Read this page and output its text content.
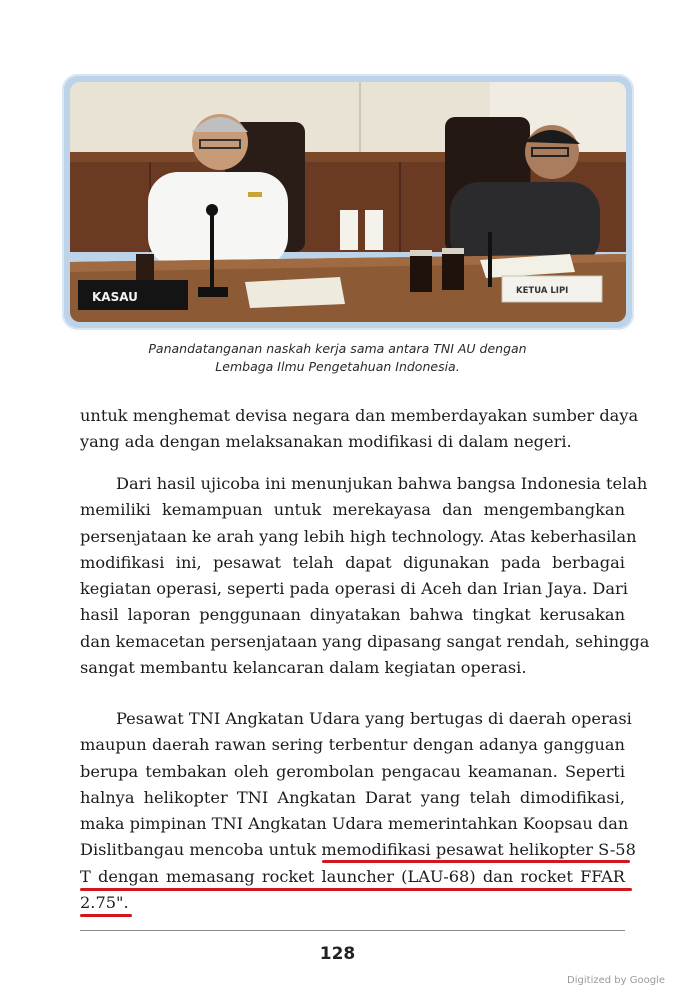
KASAU	KETUA LIPI
Panandatanganan naskah kerja sama antara TNI AU dengan
Lembaga Ilmu Pengetahuan Indonesia.
untuk menghemat devisa negara dan memberdayakan sumber daya
yang ada dengan melaksanakan modifikasi di dalam negeri.
Dari hasil ujicoba ini menunjukan bahwa bangsa Indonesia telah
memiliki kemampuan untuk merekayasa dan mengembangkan
persenjataan ke arah yang lebih high technology. Atas keberhasilan
modifikasi ini, pesawat telah dapat digunakan pada berbagai
kegiatan operasi, seperti pada operasi di Aceh dan Irian Jaya. Dari
hasil laporan penggunaan dinyatakan bahwa tingkat kerusakan
dan kemacetan persenjataan yang dipasang sangat rendah, sehingga
sangat membantu kelancaran dalam kegiatan operasi.
Pesawat TNI Angkatan Udara yang bertugas di daerah operasi
maupun daerah rawan sering terbentur dengan adanya gangguan
berupa tembakan oleh gerombolan pengacau keamanan. Seperti
halnya helikopter TNI Angkatan Darat yang telah dimodifikasi,
maka pimpinan TNI Angkatan Udara memerintahkan Koopsau dan
Dislitbangau mencoba untuk memodifikasi pesawat helikopter S-58
T dengan memasang rocket launcher (LAU-68) dan rocket FFAR
2.75".
128
Digitized by Google
